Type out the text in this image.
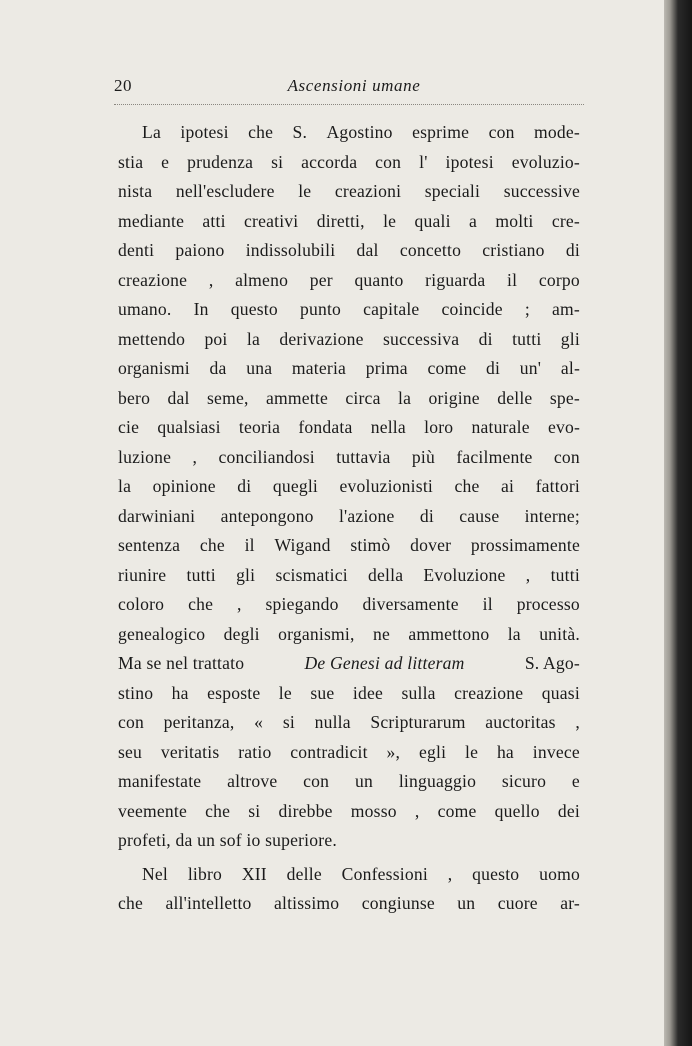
20	Ascensioni umane
La ipotesi che S. Agostino esprime con mode-
stia e prudenza si accorda con l' ipotesi evoluzio-
nista nell'escludere le creazioni speciali successive
mediante atti creativi diretti, le quali a molti cre-
denti paiono indissolubili dal concetto cristiano di
creazione , almeno per quanto riguarda il corpo
umano. In questo punto capitale coincide ; am-
mettendo poi la derivazione successiva di tutti gli
organismi da una materia prima come di un' al-
bero dal seme, ammette circa la origine delle spe-
cie qualsiasi teoria fondata nella loro naturale evo-
luzione , conciliandosi tuttavia più facilmente con
la opinione di quegli evoluzionisti che ai fattori
darwiniani antepongono l'azione di cause interne;
sentenza che il Wigand stimò dover prossimamente
riunire tutti gli scismatici della Evoluzione , tutti
coloro che , spiegando diversamente il processo
genealogico degli organismi, ne ammettono la unità.
Ma se nel trattato	De Genesi ad litteram	S. Ago-
stino ha esposte le sue idee sulla creazione quasi
con peritanza, « si nulla Scripturarum auctoritas ,
seu veritatis ratio contradicit », egli le ha invece
manifestate altrove con un linguaggio sicuro e
veemente che si direbbe mosso , come quello dei
profeti, da un sof io superiore.
Nel libro XII delle Confessioni , questo uomo
che all'intelletto altissimo congiunse un cuore ar-
